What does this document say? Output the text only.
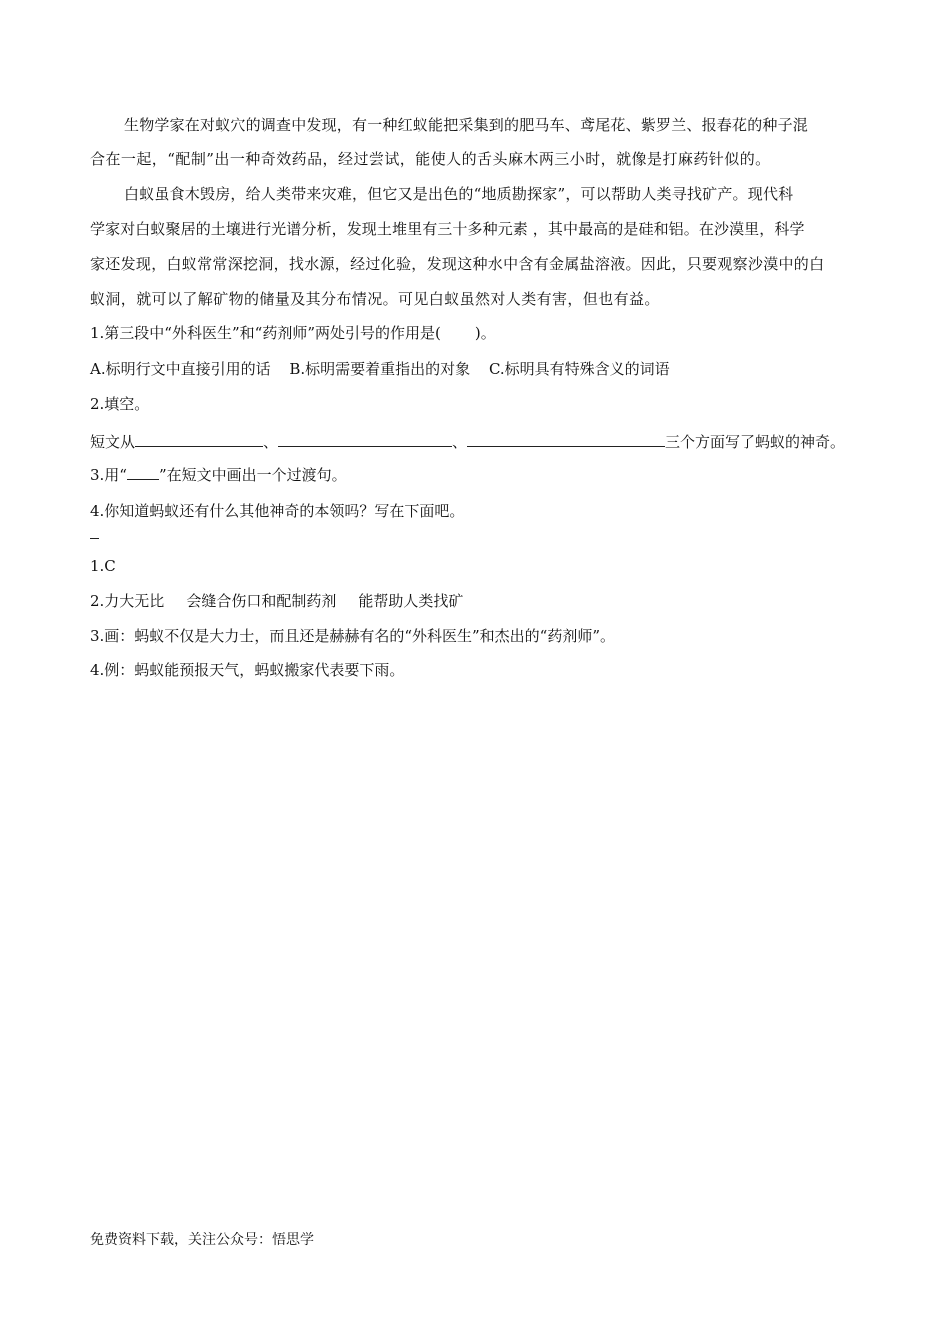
生物学家在对蚁穴的调查中发现，有一种红蚁能把采集到的肥马车、鸢尾花、紫罗兰、报春花的种子混
合在一起，“配制”出一种奇效药品，经过尝试，能使人的舌头麻木两三小时，就像是打麻药针似的。
白蚁虽食木毁房，给人类带来灾难，但它又是出色的“地质勘探家”，可以帮助人类寻找矿产。现代科
学家对白蚁聚居的土壤进行光谱分析，发现土堆里有三十多种元素 ，其中最高的是硅和铝。在沙漠里，科学
家还发现，白蚁常常深挖洞，找水源，经过化验，发现这种水中含有金属盐溶液。因此，只要观察沙漠中的白
蚁洞，就可以了解矿物的储量及其分布情况。可见白蚁虽然对人类有害，但也有益。
1.第三段中“外科医生”和“药剂师”两处引号的作用是( )。
A.标明行文中直接引用的话 B.标明需要着重指出的对象 C.标明具有特殊含义的词语
2.填空。
短文从	、	、	三个方面写了蚂蚁的神奇。
3.用“ ”在短文中画出一个过渡句。
4.你知道蚂蚁还有什么其他神奇的本领吗？写在下面吧。
1.C
2.力大无比 会缝合伤口和配制药剂 能帮助人类找矿
3.画：蚂蚁不仅是大力士，而且还是赫赫有名的“外科医生”和杰出的“药剂师”。
4.例：蚂蚁能预报天气，蚂蚁搬家代表要下雨。
免费资料下载，关注公众号：悟思学
